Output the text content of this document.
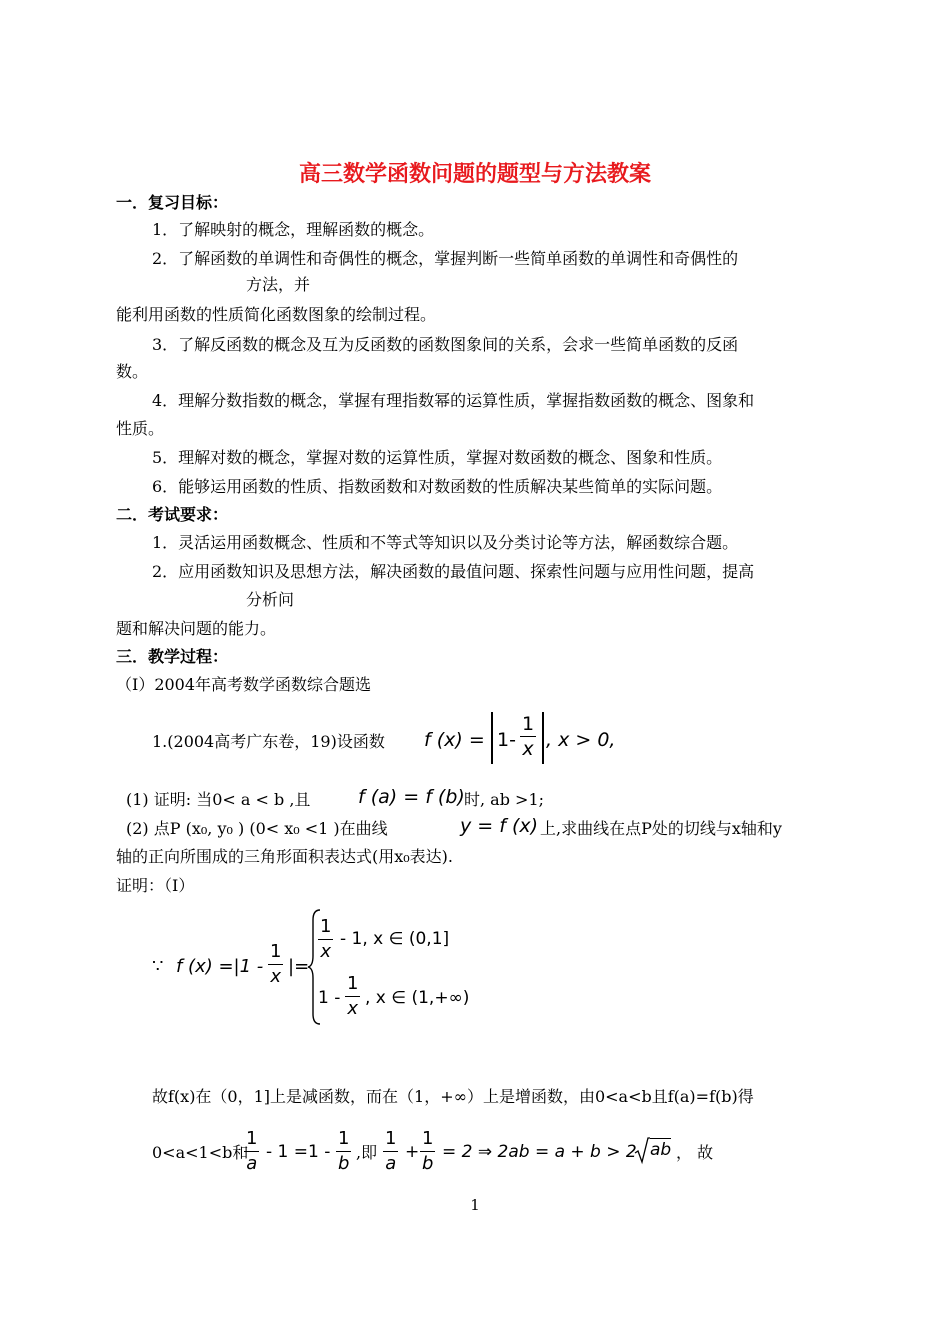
高三数学函数问题的题型与方法教案
一．复习目标：
1．了解映射的概念，理解函数的概念。
2．了解函数的单调性和奇偶性的概念，掌握判断一些简单函数的单调性和奇偶性的
方法，并
能利用函数的性质简化函数图象的绘制过程。
3．了解反函数的概念及互为反函数的函数图象间的关系，会求一些简单函数的反函
数。
4．理解分数指数的概念，掌握有理指数幂的运算性质，掌握指数函数的概念、图象和
性质。
5．理解对数的概念，掌握对数的运算性质，掌握对数函数的概念、图象和性质。
6．能够运用函数的性质、指数函数和对数函数的性质解决某些简单的实际问题。
二．考试要求：
1．灵活运用函数概念、性质和不等式等知识以及分类讨论等方法，解函数综合题。
2．应用函数知识及思想方法，解决函数的最值问题、探索性问题与应用性问题，提高
分析问
题和解决问题的能力。
三．教学过程：
（Ⅰ）2004年高考数学函数综合题选
1.(2004高考广东卷，19)设函数 f $(x) = 1- \frac{1}{x}$ , x > 0,
(1) 证明: 当0< a < b ,且	f (a) = f (b) 时, ab >1;
(2) 点P (x₀, y₀ ) (0< x₀ <1 )在曲线	y = f (x) 上,求曲线在点P处的切线与x轴和y
轴的正向所围成的三角形面积表达式(用x₀表达).
证明：（I）
∵ f $(x) =|1 - \frac{1}{x}$ |=
$\frac{1}{x} - 1$, x ∈ (0,1]
$1 - \frac{1}{x}$ , x ∈ (1,+∞)
故f(x)在（0，1]上是减函数，而在（1，+∞）上是增函数，由0<a<b且f(a)=f(b)得
0<a<1<b和
$\frac{1}{a} - 1 =1 - \frac{1}{b}$ ,即 $\frac{1}{a} + \frac{1}{b} = 2$ ⇒ 2ab = a + b > 2 ab ， 故
1
